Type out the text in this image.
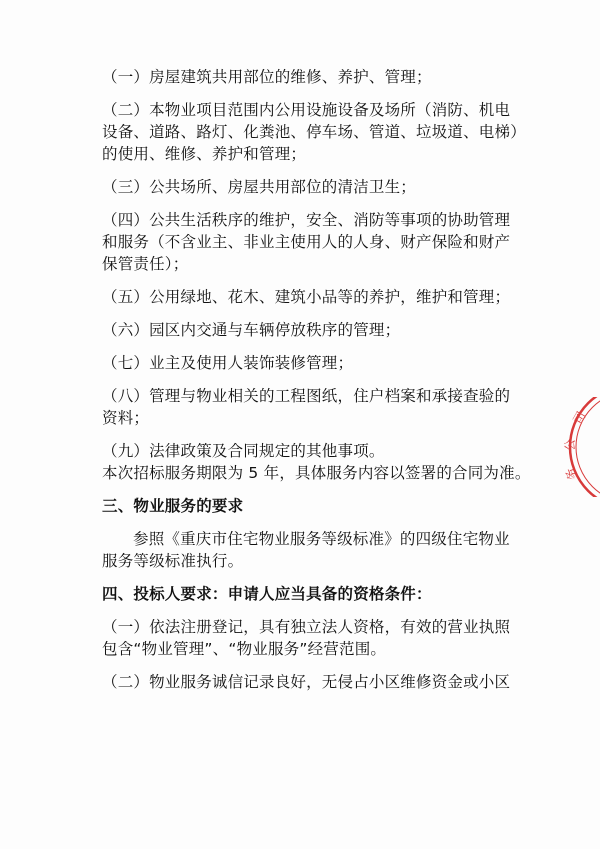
（一）房屋建筑共用部位的维修、养护、管理；
（二）本物业项目范围内公用设施设备及场所（消防、机电
设备、道路、路灯、化粪池、停车场、管道、垃圾道、电梯）
的使用、维修、养护和管理；
（三）公共场所、房屋共用部位的清洁卫生；
（四）公共生活秩序的维护，安全、消防等事项的协助管理
和服务（不含业主、非业主使用人的人身、财产保险和财产
保管责任）；
（五）公用绿地、花木、建筑小品等的养护，维护和管理；
（六）园区内交通与车辆停放秩序的管理；
（七）业主及使用人装饰装修管理；
（八）管理与物业相关的工程图纸，住户档案和承接查验的
资料；
（九）法律政策及合同规定的其他事项。
本次招标服务期限为 5 年，具体服务内容以签署的合同为准。
三、物业服务的要求
参照《重庆市住宅物业服务等级标准》的四级住宅物业
服务等级标准执行。
四、投标人要求：申请人应当具备的资格条件：
（一）依法注册登记，具有独立法人资格，有效的营业执照
包含“物业管理”、“物业服务”经营范围。
（二）物业服务诚信记录良好，无侵占小区维修资金或小区
司
公
务
